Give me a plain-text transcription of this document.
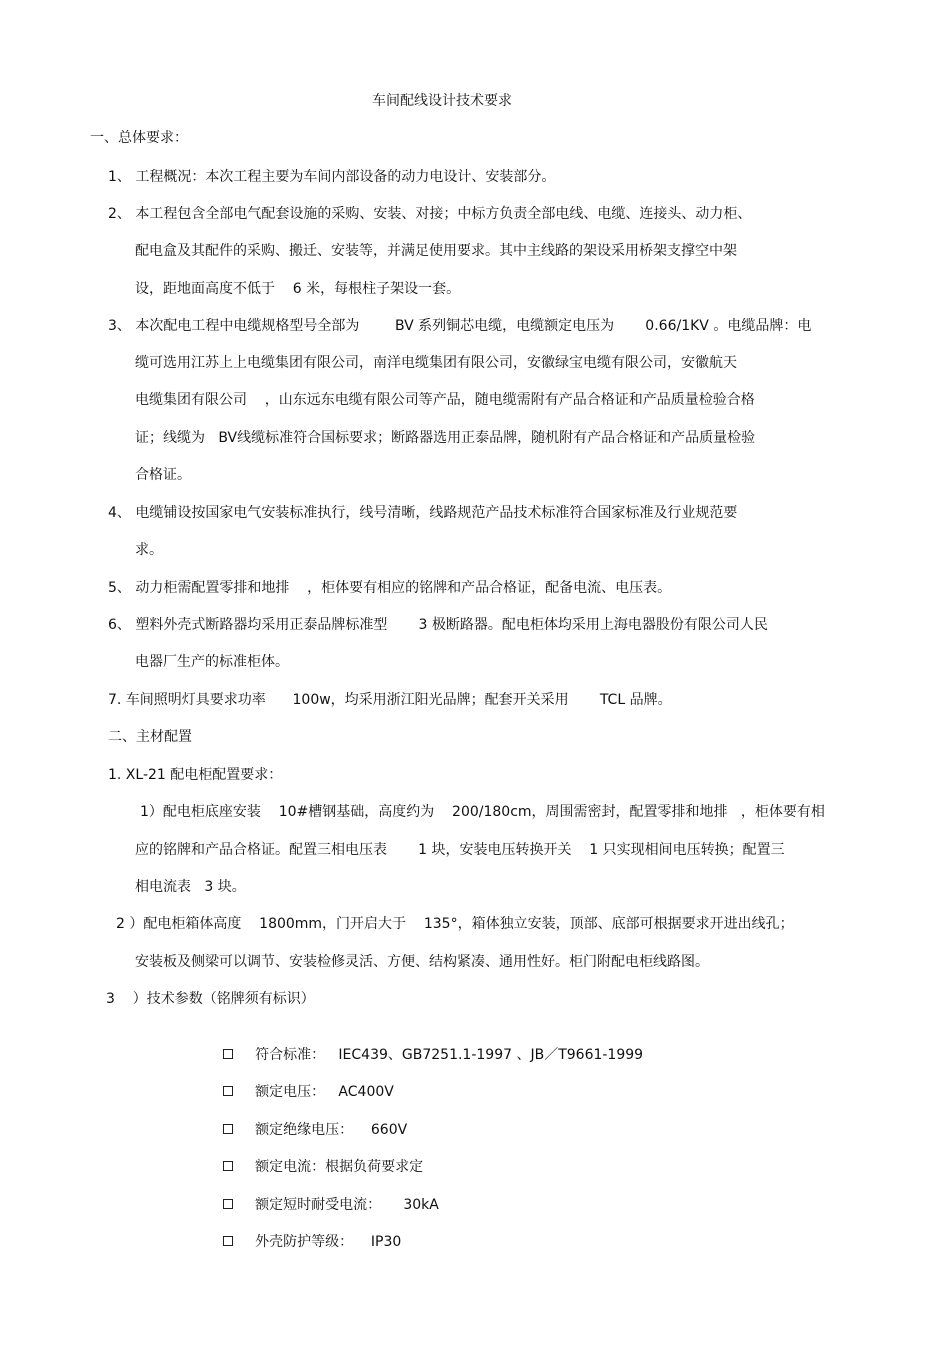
车间配线设计技术要求
一、总体要求：
1、 工程概况：本次工程主要为车间内部设备的动力电设计、安装部分。
2、 本工程包含全部电气配套设施的采购、安装、对接；中标方负责全部电线、电缆、连接头、动力柜、
配电盒及其配件的采购、搬迁、安装等，并满足使用要求。其中主线路的架设采用桥架支撑空中架
设，距地面高度不低于    6 米，每根柱子架设一套。
3、 本次配电工程中电缆规格型号全部为        BV 系列铜芯电缆，电缆额定电压为       0.66/1KV 。电缆品牌：电
缆可选用江苏上上电缆集团有限公司，南洋电缆集团有限公司，安徽绿宝电缆有限公司，安徽航天
电缆集团有限公司    ，山东远东电缆有限公司等产品，随电缆需附有产品合格证和产品质量检验合格
证；线缆为   BV线缆标准符合国标要求；断路器选用正泰品牌，随机附有产品合格证和产品质量检验
合格证。
4、 电缆铺设按国家电气安装标准执行，线号清晰，线路规范产品技术标准符合国家标准及行业规范要
求。
5、 动力柜需配置零排和地排    ，柜体要有相应的铭牌和产品合格证，配备电流、电压表。
6、 塑料外壳式断路器均采用正泰品牌标准型       3 极断路器。配电柜体均采用上海电器股份有限公司人民
电器厂生产的标准柜体。
7. 车间照明灯具要求功率      100w，均采用浙江阳光品牌；配套开关采用       TCL 品牌。
二、主材配置
1. XL-21 配电柜配置要求：
1）配电柜底座安装    10#槽钢基础，高度约为    200/180cm，周围需密封，配置零排和地排   ，柜体要有相
应的铭牌和产品合格证。配置三相电压表       1 块，安装电压转换开关    1 只实现相间电压转换；配置三
相电流表   3 块。
2 ）配电柜箱体高度    1800mm，门开启大于    135°，箱体独立安装，顶部、底部可根据要求开进出线孔；
安装板及侧梁可以调节、安装检修灵活、方便、结构紧凑、通用性好。柜门附配电柜线路图。
3    ）技术参数（铭牌须有标识）

符合标准：   IEC439、GB7251.1-1997 、JB／T9661-1999

额定电压：   AC400V

额定绝缘电压：    660V

额定电流：根据负荷要求定

额定短时耐受电流：     30kA

外壳防护等级：    IP30
